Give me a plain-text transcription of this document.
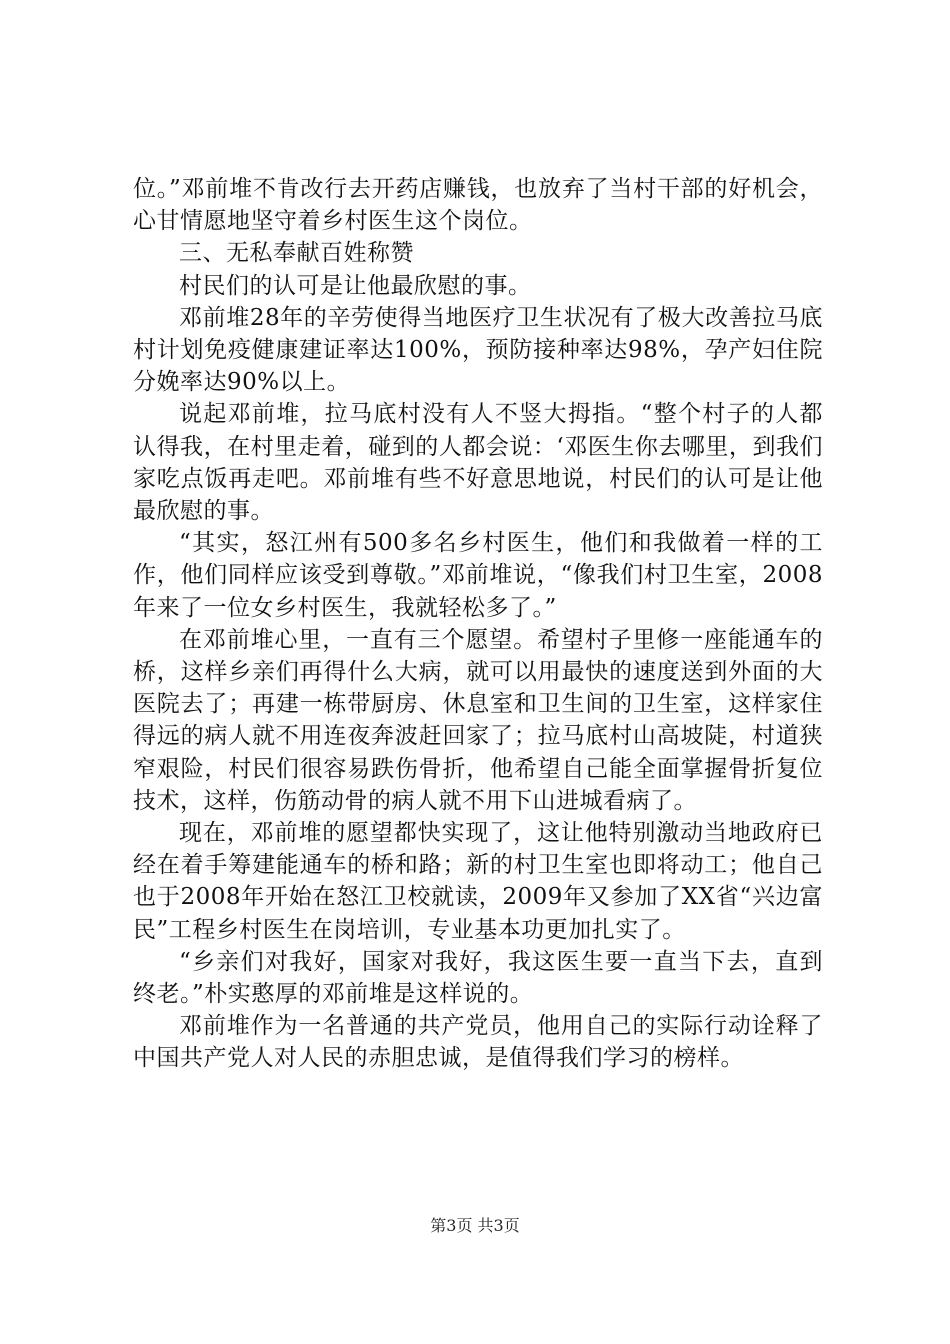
位。”邓前堆不肯改行去开药店赚钱，也放弃了当村干部的好机会，心甘情愿地坚守着乡村医生这个岗位。

三、无私奉献百姓称赞

村民们的认可是让他最欣慰的事。

邓前堆28年的辛劳使得当地医疗卫生状况有了极大改善拉马底村计划免疫健康建证率达100%，预防接种率达98%，孕产妇住院分娩率达90%以上。

说起邓前堆，拉马底村没有人不竖大拇指。“整个村子的人都认得我，在村里走着，碰到的人都会说：‘邓医生你去哪里，到我们家吃点饭再走吧。邓前堆有些不好意思地说，村民们的认可是让他最欣慰的事。

“其实，怒江州有500多名乡村医生，他们和我做着一样的工作，他们同样应该受到尊敬。”邓前堆说，“像我们村卫生室，2008年来了一位女乡村医生，我就轻松多了。”

在邓前堆心里，一直有三个愿望。希望村子里修一座能通车的桥，这样乡亲们再得什么大病，就可以用最快的速度送到外面的大医院去了；再建一栋带厨房、休息室和卫生间的卫生室，这样家住得远的病人就不用连夜奔波赶回家了；拉马底村山高坡陡，村道狭窄艰险，村民们很容易跌伤骨折，他希望自己能全面掌握骨折复位技术，这样，伤筋动骨的病人就不用下山进城看病了。

现在，邓前堆的愿望都快实现了，这让他特别激动当地政府已经在着手筹建能通车的桥和路；新的村卫生室也即将动工；他自己也于2008年开始在怒江卫校就读，2009年又参加了XX省“兴边富民”工程乡村医生在岗培训，专业基本功更加扎实了。

“乡亲们对我好，国家对我好，我这医生要一直当下去，直到终老。”朴实憨厚的邓前堆是这样说的。

邓前堆作为一名普通的共产党员，他用自己的实际行动诠释了中国共产党人对人民的赤胆忠诚，是值得我们学习的榜样。

第3页 共3页
